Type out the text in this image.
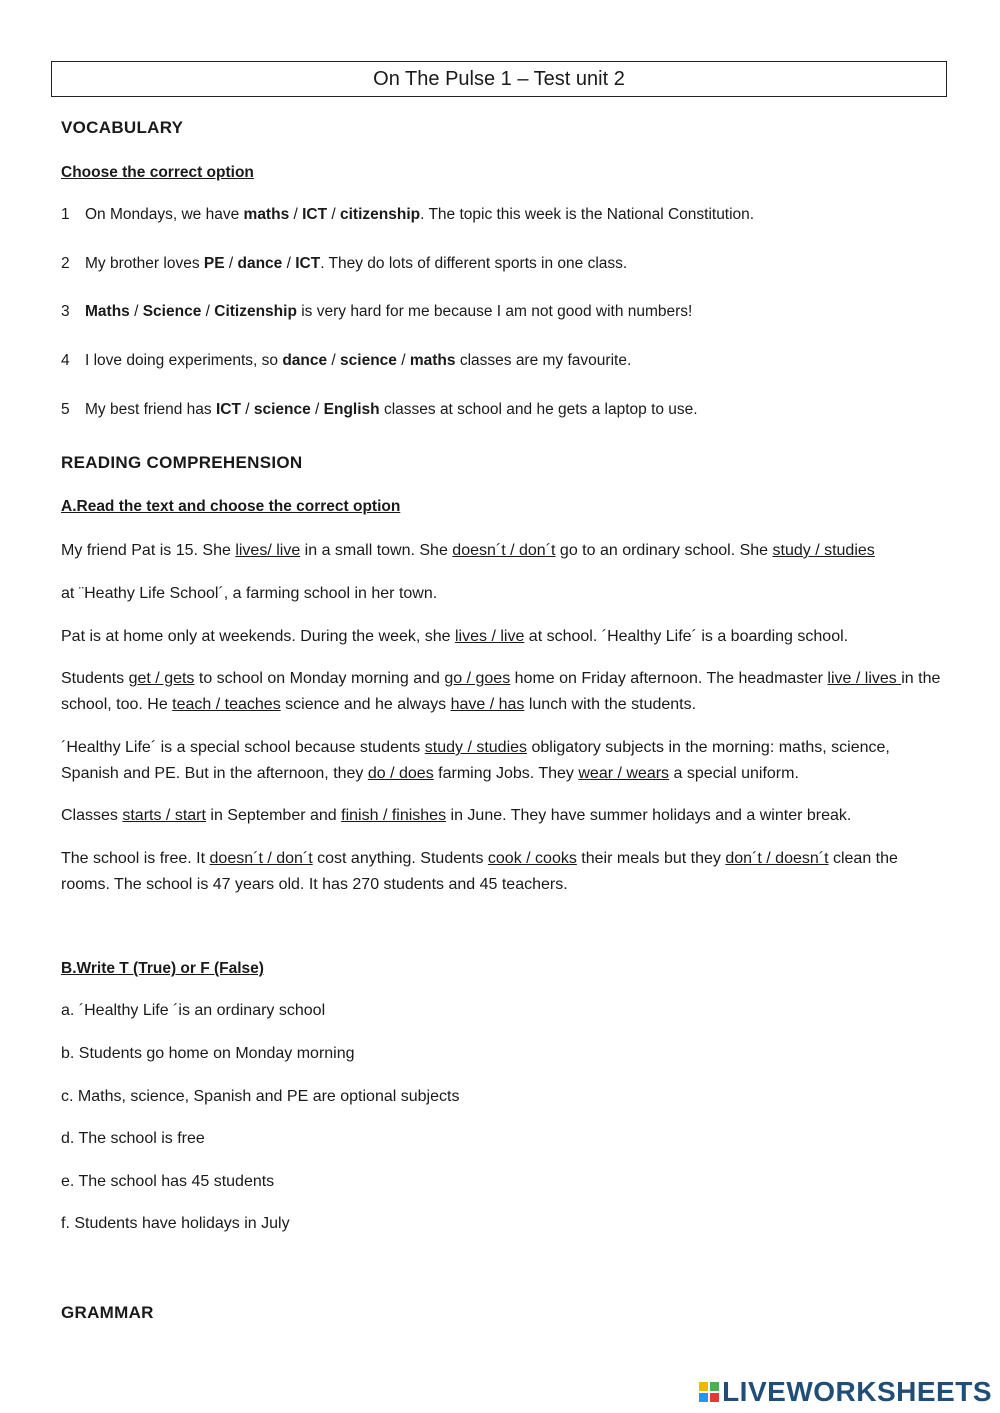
On The Pulse 1 – Test unit 2
VOCABULARY
Choose the correct option
1 On Mondays, we have maths / ICT / citizenship. The topic this week is the National Constitution.
2 My brother loves PE / dance / ICT. They do lots of different sports in one class.
3 Maths / Science / Citizenship is very hard for me because I am not good with numbers!
4 I love doing experiments, so dance / science / maths classes are my favourite.
5 My best friend has ICT / science / English classes at school and he gets a laptop to use.
READING COMPREHENSION
A.Read the text and choose the correct option
My friend Pat is 15. She lives/ live in a small town. She doesn´t / don´t go to an ordinary school. She study / studies
at ¨Heathy Life School´, a farming school in her town.
Pat is at home only at weekends. During the week, she lives / live at school. ´Healthy Life´ is a boarding school.
Students get / gets to school on Monday morning and go / goes home on Friday afternoon. The headmaster live / lives in the school, too. He teach / teaches science and he always have / has lunch with the students.
´Healthy Life´ is a special school because students study / studies obligatory subjects in the morning: maths, science, Spanish and PE. But in the afternoon, they do / does farming Jobs. They wear / wears a special uniform.
Classes starts / start in September and finish / finishes in June. They have summer holidays and a winter break.
The school is free. It doesn´t / don´t cost anything. Students cook / cooks their meals but they don´t / doesn´t clean the rooms. The school is 47 years old. It has 270 students and 45 teachers.
B.Write T (True) or F (False)
a. ´Healthy Life ´is an ordinary school
b. Students go home on Monday morning
c. Maths, science, Spanish and PE are optional subjects
d. The school is free
e. The school has 45 students
f. Students have holidays in July
GRAMMAR
LIVEWORKSHEETS
